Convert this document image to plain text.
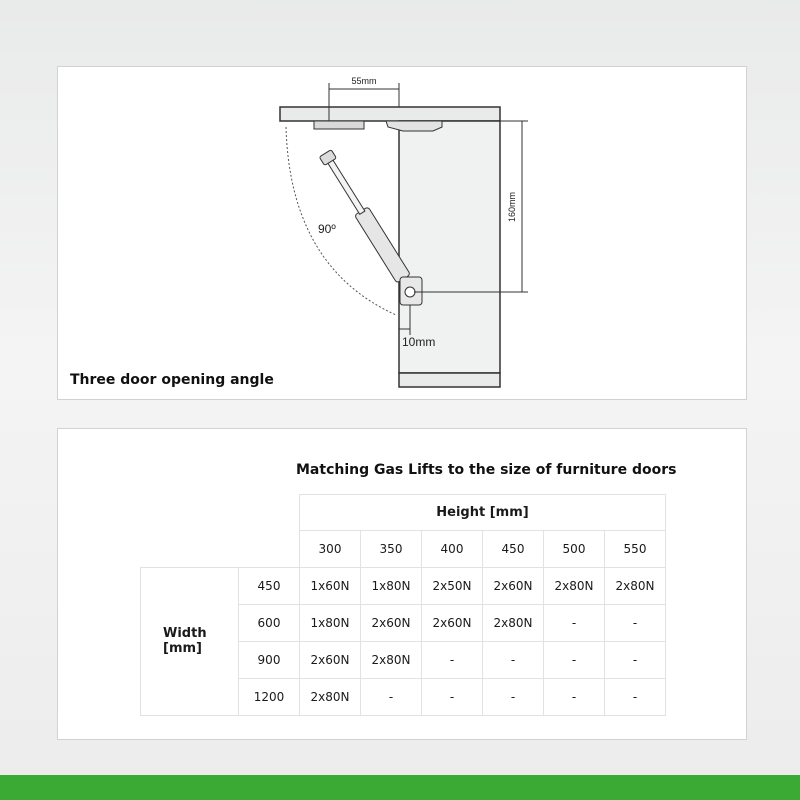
55mm
90º
160mm
10mm
Three door opening angle
Matching Gas Lifts to the size of furniture doors
		Height [mm]					
		300	350	400	450	500	550
Width [mm]	450	1x60N	1x80N	2x50N	2x60N	2x80N	2x80N
	600	1x80N	2x60N	2x60N	2x80N	-	-
	900	2x60N	2x80N	-	-	-	-
	1200	2x80N	-	-	-	-	-
